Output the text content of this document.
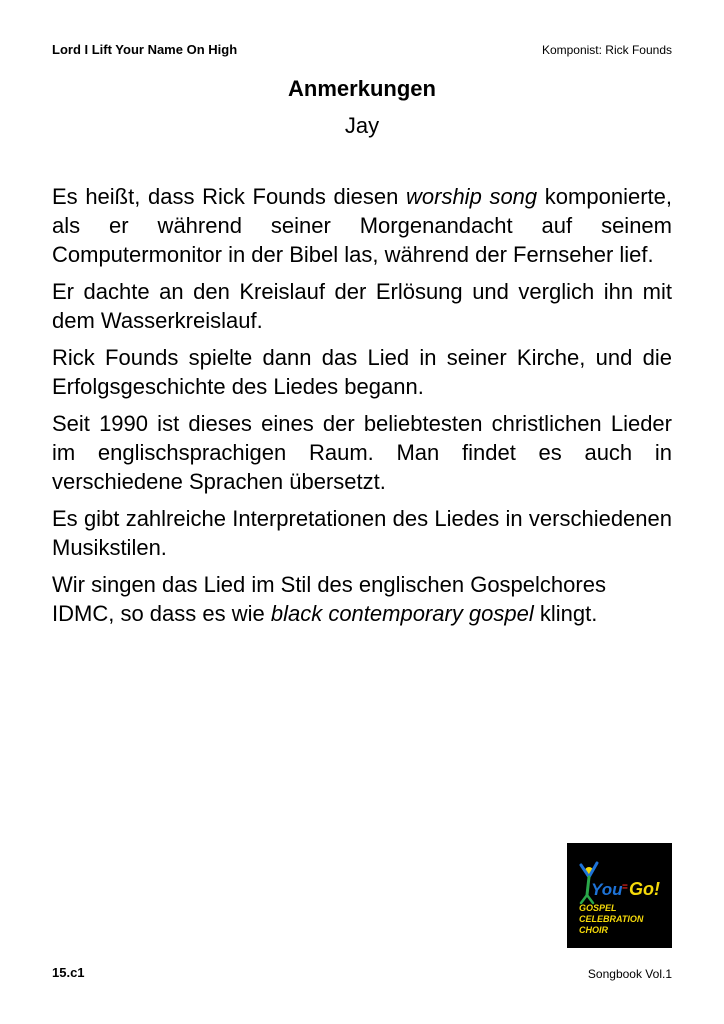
Lord I Lift Your Name On High	Komponist: Rick Founds
Anmerkungen
Jay

Es heißt, dass Rick Founds diesen worship song komponierte, als er während seiner Morgenandacht auf seinem Computermonitor in der Bibel las, während der Fernseher lief.

Er dachte an den Kreislauf der Erlösung und verglich ihn mit dem Wasserkreislauf.

Rick Founds spielte dann das Lied in seiner Kirche, und die Erfolgsgeschichte des Liedes begann.

Seit 1990 ist dieses eines der beliebtesten christlichen Lieder im englischsprachigen Raum. Man findet es auch in verschiedene Sprachen übersetzt.

Es gibt zahlreiche Interpretationen des Liedes in verschiedenen Musikstilen.

Wir singen das Lied im Stil des englischen Gospelchores IDMC, so dass es wie black contemporary gospel klingt.

You = Go!
GOSPEL
CELEBRATION
CHOIR
15.c1	Songbook Vol.1
